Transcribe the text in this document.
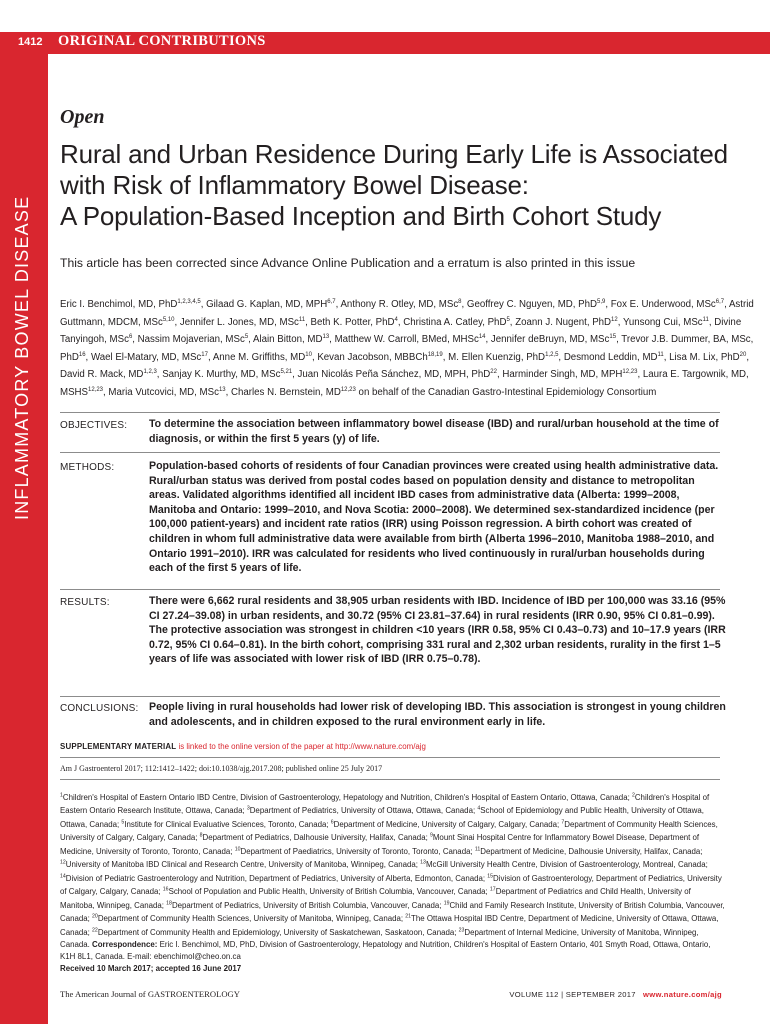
1412 ORIGINAL CONTRIBUTIONS
INFLAMMATORY BOWEL DISEASE
Open
Rural and Urban Residence During Early Life is Associated
with Risk of Inflammatory Bowel Disease:
A Population-Based Inception and Birth Cohort Study
This article has been corrected since Advance Online Publication and a erratum is also printed in this issue
Eric I. Benchimol, MD, PhD$^{1,2,3,4,5}$, Gilaad G. Kaplan, MD, MPH$^{6,7}$, Anthony R. Otley, MD, MSc$^8$, Geoffrey C. Nguyen, MD, PhD$^{5,9}$, Fox E. Underwood, MSc$^{6,7}$, Astrid Guttmann, MDCM, MSc$^{5,10}$, Jennifer L. Jones, MD, MSc$^{11}$, Beth K. Potter, PhD$^4$, Christina A. Catley, PhD$^5$, Zoann J. Nugent, PhD$^{12}$, Yunsong Cui, MSc$^{11}$, Divine Tanyingoh, MSc$^6$, Nassim Mojaverian, MSc$^5$, Alain Bitton, MD$^{13}$, Matthew W. Carroll, BMed, MHSc$^{14}$, Jennifer deBruyn, MD, MSc$^{15}$, Trevor J.B. Dummer, BA, MSc, PhD$^{16}$, Wael El-Matary, MD, MSc$^{17}$, Anne M. Griffiths, MD$^{10}$, Kevan Jacobson, MBBCh$^{18,19}$, M. Ellen Kuenzig, PhD$^{1,2,5}$, Desmond Leddin, MD$^{11}$, Lisa M. Lix, PhD$^{20}$, David R. Mack, MD$^{1,2,3}$, Sanjay K. Murthy, MD, MSc$^{5,21}$, Juan Nicolás Peña Sánchez, MD, MPH, PhD$^{22}$, Harminder Singh, MD, MPH$^{12,23}$, Laura E. Targownik, MD, MSHS$^{12,23}$, Maria Vutcovici, MD, MSc$^{13}$, Charles N. Bernstein, MD$^{12,23}$ on behalf of the Canadian Gastro-Intestinal Epidemiology Consortium
OBJECTIVES: To determine the association between inflammatory bowel disease (IBD) and rural/urban household at the time of diagnosis, or within the first 5 years (y) of life.
METHODS:	Population-based cohorts of residents of four Canadian provinces were created using health administrative data. Rural/urban status was derived from postal codes based on population density and distance to metropolitan areas. Validated algorithms identified all incident IBD cases from administrative data (Alberta: 1999–2008, Manitoba and Ontario: 1999–2010, and Nova Scotia: 2000–2008). We determined sex-standardized incidence (per 100,000 patient-years) and incident rate ratios (IRR) using Poisson regression. A birth cohort was created of children in whom full administrative data were available from birth (Alberta 1996–2010, Manitoba 1988–2010, and Ontario 1991–2010). IRR was calculated for residents who lived continuously in rural/urban households during each of the first 5 years of life.
RESULTS:	There were 6,662 rural residents and 38,905 urban residents with IBD. Incidence of IBD per 100,000 was 33.16 (95% CI 27.24–39.08) in urban residents, and 30.72 (95% CI 23.81–37.64) in rural residents (IRR 0.90, 95% CI 0.81–0.99). The protective association was strongest in children <10 years (IRR 0.58, 95% CI 0.43–0.73) and 10–17.9 years (IRR 0.72, 95% CI 0.64–0.81). In the birth cohort, comprising 331 rural and 2,302 urban residents, rurality in the first 1–5 years of life was associated with lower risk of IBD (IRR 0.75–0.78).
CONCLUSIONS: People living in rural households had lower risk of developing IBD. This association is strongest in young children and adolescents, and in children exposed to the rural environment early in life.
SUPPLEMENTARY MATERIAL is linked to the online version of the paper at http://www.nature.com/ajg
Am J Gastroenterol 2017; 112:1412–1422; doi:10.1038/ajg.2017.208; published online 25 July 2017
$^1$Children's Hospital of Eastern Ontario IBD Centre, Division of Gastroenterology, Hepatology and Nutrition, Children's Hospital of Eastern Ontario, Ottawa, Canada; $^2$Children's Hospital of Eastern Ontario Research Institute, Ottawa, Canada; $^3$Department of Pediatrics, University of Ottawa, Ottawa, Canada; $^4$School of Epidemiology and Public Health, University of Ottawa, Ottawa, Canada; $^5$Institute for Clinical Evaluative Sciences, Toronto, Canada; $^6$Department of Medicine, University of Calgary, Calgary, Canada; $^7$Department of Community Health Sciences, University of Calgary, Calgary, Canada; $^8$Department of Pediatrics, Dalhousie University, Halifax, Canada; $^9$Mount Sinai Hospital Centre for Inflammatory Bowel Disease, Department of Medicine, University of Toronto, Toronto, Canada; $^{10}$Department of Paediatrics, University of Toronto, Toronto, Canada; $^{11}$Department of Medicine, Dalhousie University, Halifax, Canada; $^{12}$University of Manitoba IBD Clinical and Research Centre, University of Manitoba, Winnipeg, Canada; $^{13}$McGill University Health Centre, Division of Gastroenterology, Montreal, Canada; $^{14}$Division of Pediatric Gastroenterology and Nutrition, Department of Pediatrics, University of Alberta, Edmonton, Canada; $^{15}$Division of Gastroenterology, Department of Pediatrics, University of Calgary, Calgary, Canada; $^{16}$School of Population and Public Health, University of British Columbia, Vancouver, Canada; $^{17}$Department of Pediatrics and Child Health, University of Manitoba, Winnipeg, Canada; $^{18}$Department of Pediatrics, University of British Columbia, Vancouver, Canada; $^{19}$Child and Family Research Institute, University of British Columbia, Vancouver, Canada; $^{20}$Department of Community Health Sciences, University of Manitoba, Winnipeg, Canada; $^{21}$The Ottawa Hospital IBD Centre, Department of Medicine, University of Ottawa, Ottawa, Canada; $^{22}$Department of Community Health and Epidemiology, University of Saskatchewan, Saskatoon, Canada; $^{23}$Department of Internal Medicine, University of Manitoba, Winnipeg, Canada. Correspondence: Eric I. Benchimol, MD, PhD, Division of Gastroenterology, Hepatology and Nutrition, Children's Hospital of Eastern Ontario, 401 Smyth Road, Ottawa, Ontario, K1H 8L1, Canada. E-mail: ebenchimol@cheo.on.ca
Received 10 March 2017; accepted 16 June 2017
The American Journal of GASTROENTEROLOGY	VOLUME 112 | SEPTEMBER 2017 www.nature.com/ajg
